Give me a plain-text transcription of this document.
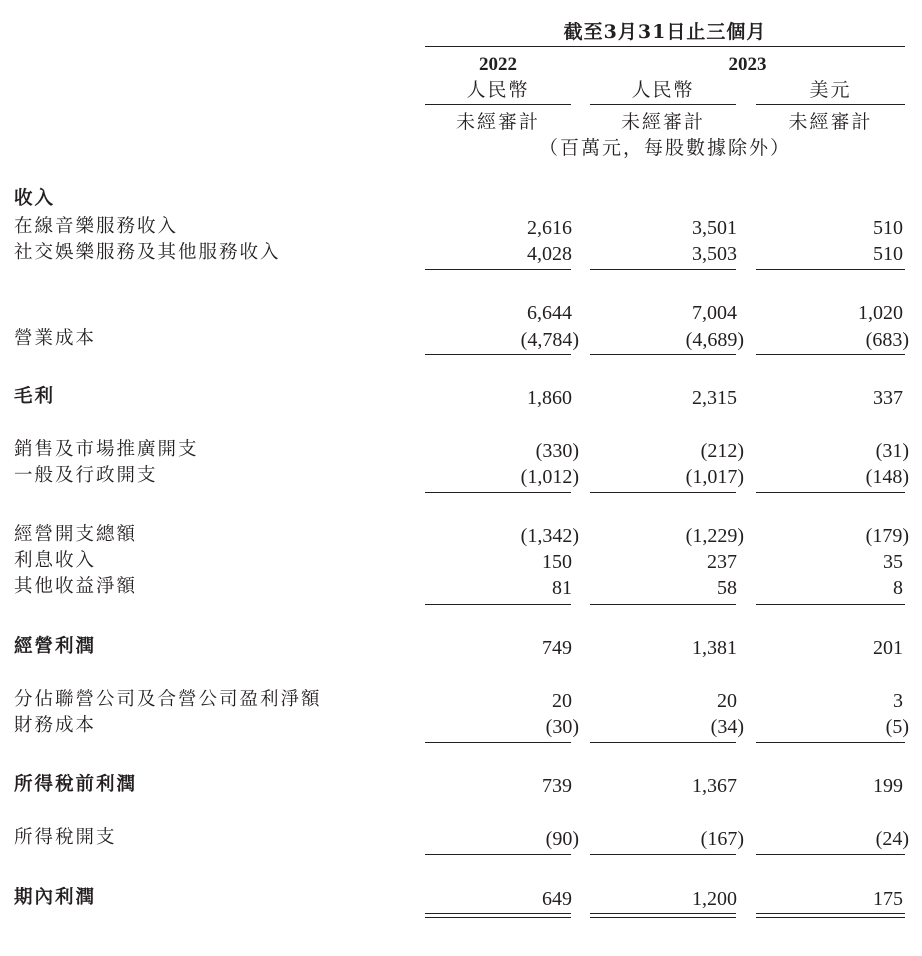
截至3月31日止三個月
2022	2023
人民幣	人民幣	美元
未經審計	未經審計	未經審計
（百萬元，每股數據除外）
收入
在線音樂服務收入	2,616	3,501	510
社交娛樂服務及其他服務收入	4,028	3,503	510
6,644	7,004	1,020
營業成本	(4,784)	(4,689)	(683)
毛利	1,860	2,315	337
銷售及市場推廣開支	(330)	(212)	(31)
一般及行政開支	(1,012)	(1,017)	(148)
經營開支總額	(1,342)	(1,229)	(179)
利息收入	150	237	35
其他收益淨額	81	58	8
經營利潤	749	1,381	201
分佔聯營公司及合營公司盈利淨額	20	20	3
財務成本	(30)	(34)	(5)
所得稅前利潤	739	1,367	199
所得稅開支	(90)	(167)	(24)
期內利潤	649	1,200	175
